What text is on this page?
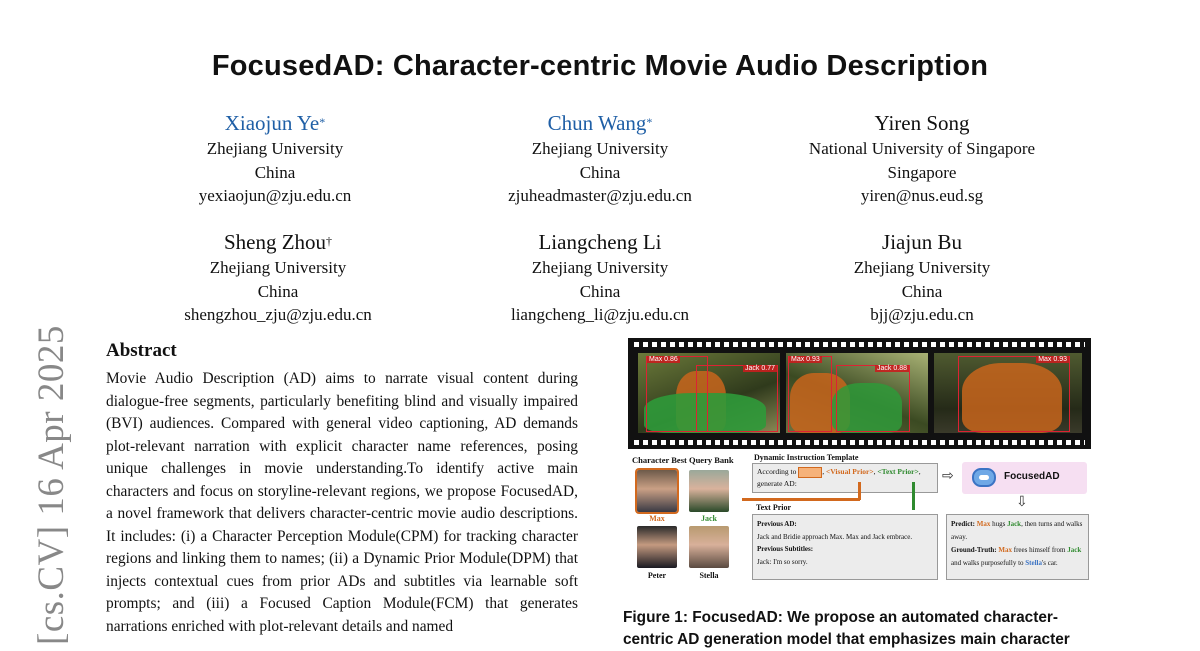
FocusedAD: Character-centric Movie Audio Description
Xiaojun Ye*
Zhejiang University
China
yexiaojun@zju.edu.cn
Chun Wang*
Zhejiang University
China
zjuheadmaster@zju.edu.cn
Yiren Song
National University of Singapore
Singapore
yiren@nus.eud.sg
Sheng Zhou†
Zhejiang University
China
shengzhou_zju@zju.edu.cn
Liangcheng Li
Zhejiang University
China
liangcheng_li@zju.edu.cn
Jiajun Bu
Zhejiang University
China
bjj@zju.edu.cn
[cs.CV] 16 Apr 2025 Abstract
Movie Audio Description (AD) aims to narrate visual content during dialogue-free segments, particularly benefiting blind and visually impaired (BVI) audiences. Compared with general video captioning, AD demands plot-relevant narration with explicit character name references, posing unique challenges in movie understanding.To identify active main characters and focus on storyline-relevant regions, we propose FocusedAD, a novel framework that delivers character-centric movie audio descriptions. It includes: (i) a Character Perception Module(CPM) for tracking character regions and linking them to names; (ii) a Dynamic Prior Module(DPM) that injects contextual cues from prior ADs and subtitles via learnable soft prompts; and (iii) a Focused Caption Module(FCM) that generates narrations enriched with plot-relevant details and named
Max 0.86
Jack 0.77
Max 0.93
Jack 0.88
Max 0.93
Character Best Query Bank
Max	Jack
Peter	Stella
Dynamic Instruction Template
According to	, <Visual Prior>, <Text Prior>,
generate AD:	⇨
⇩
Text Prior
Previous AD:
Jack and Bridie approach Max. Max and Jack embrace.
Previous Subtitles:
Jack: I'm so sorry.
FocusedAD
Predict: Max hugs Jack, then turns and walks away.
Ground-Truth: Max frees himself from Jack and walks purposefully to Stella's car.
Figure 1: FocusedAD: We propose an automated character-centric AD generation model that emphasizes main character
